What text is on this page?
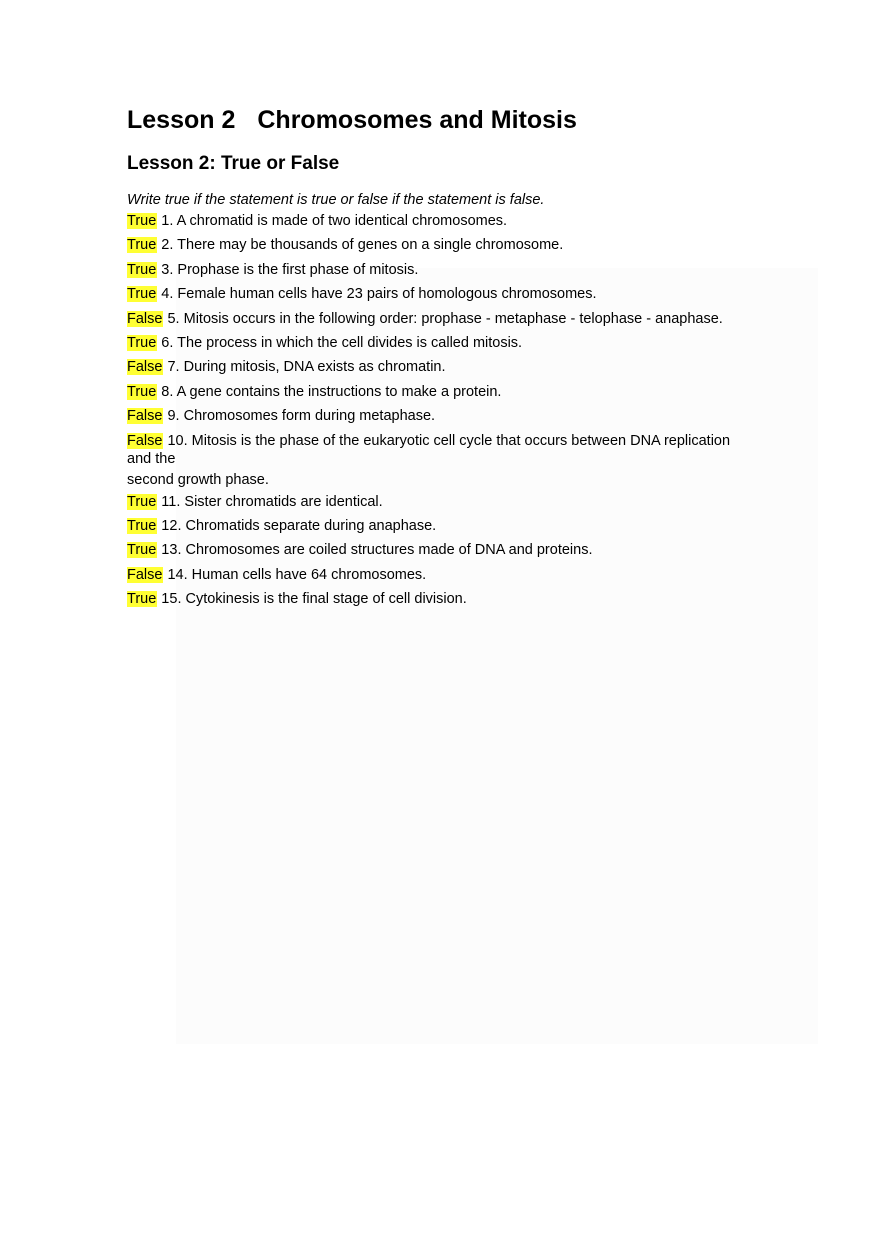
Lesson 2 Chromosomes and Mitosis
Lesson 2: True or False

Write true if the statement is true or false if the statement is false.

True 1. A chromatid is made of two identical chromosomes.

True 2. There may be thousands of genes on a single chromosome.

True 3. Prophase is the first phase of mitosis.

True 4. Female human cells have 23 pairs of homologous chromosomes.

False 5. Mitosis occurs in the following order: prophase - metaphase - telophase - anaphase.

True 6. The process in which the cell divides is called mitosis.

False 7. During mitosis, DNA exists as chromatin.

True 8. A gene contains the instructions to make a protein.

False 9. Chromosomes form during metaphase.

False 10. Mitosis is the phase of the eukaryotic cell cycle that occurs between DNA replication
and the
second growth phase.

True 11. Sister chromatids are identical.

True 12. Chromatids separate during anaphase.

True 13. Chromosomes are coiled structures made of DNA and proteins.

False 14. Human cells have 64 chromosomes.

True 15. Cytokinesis is the final stage of cell division.
